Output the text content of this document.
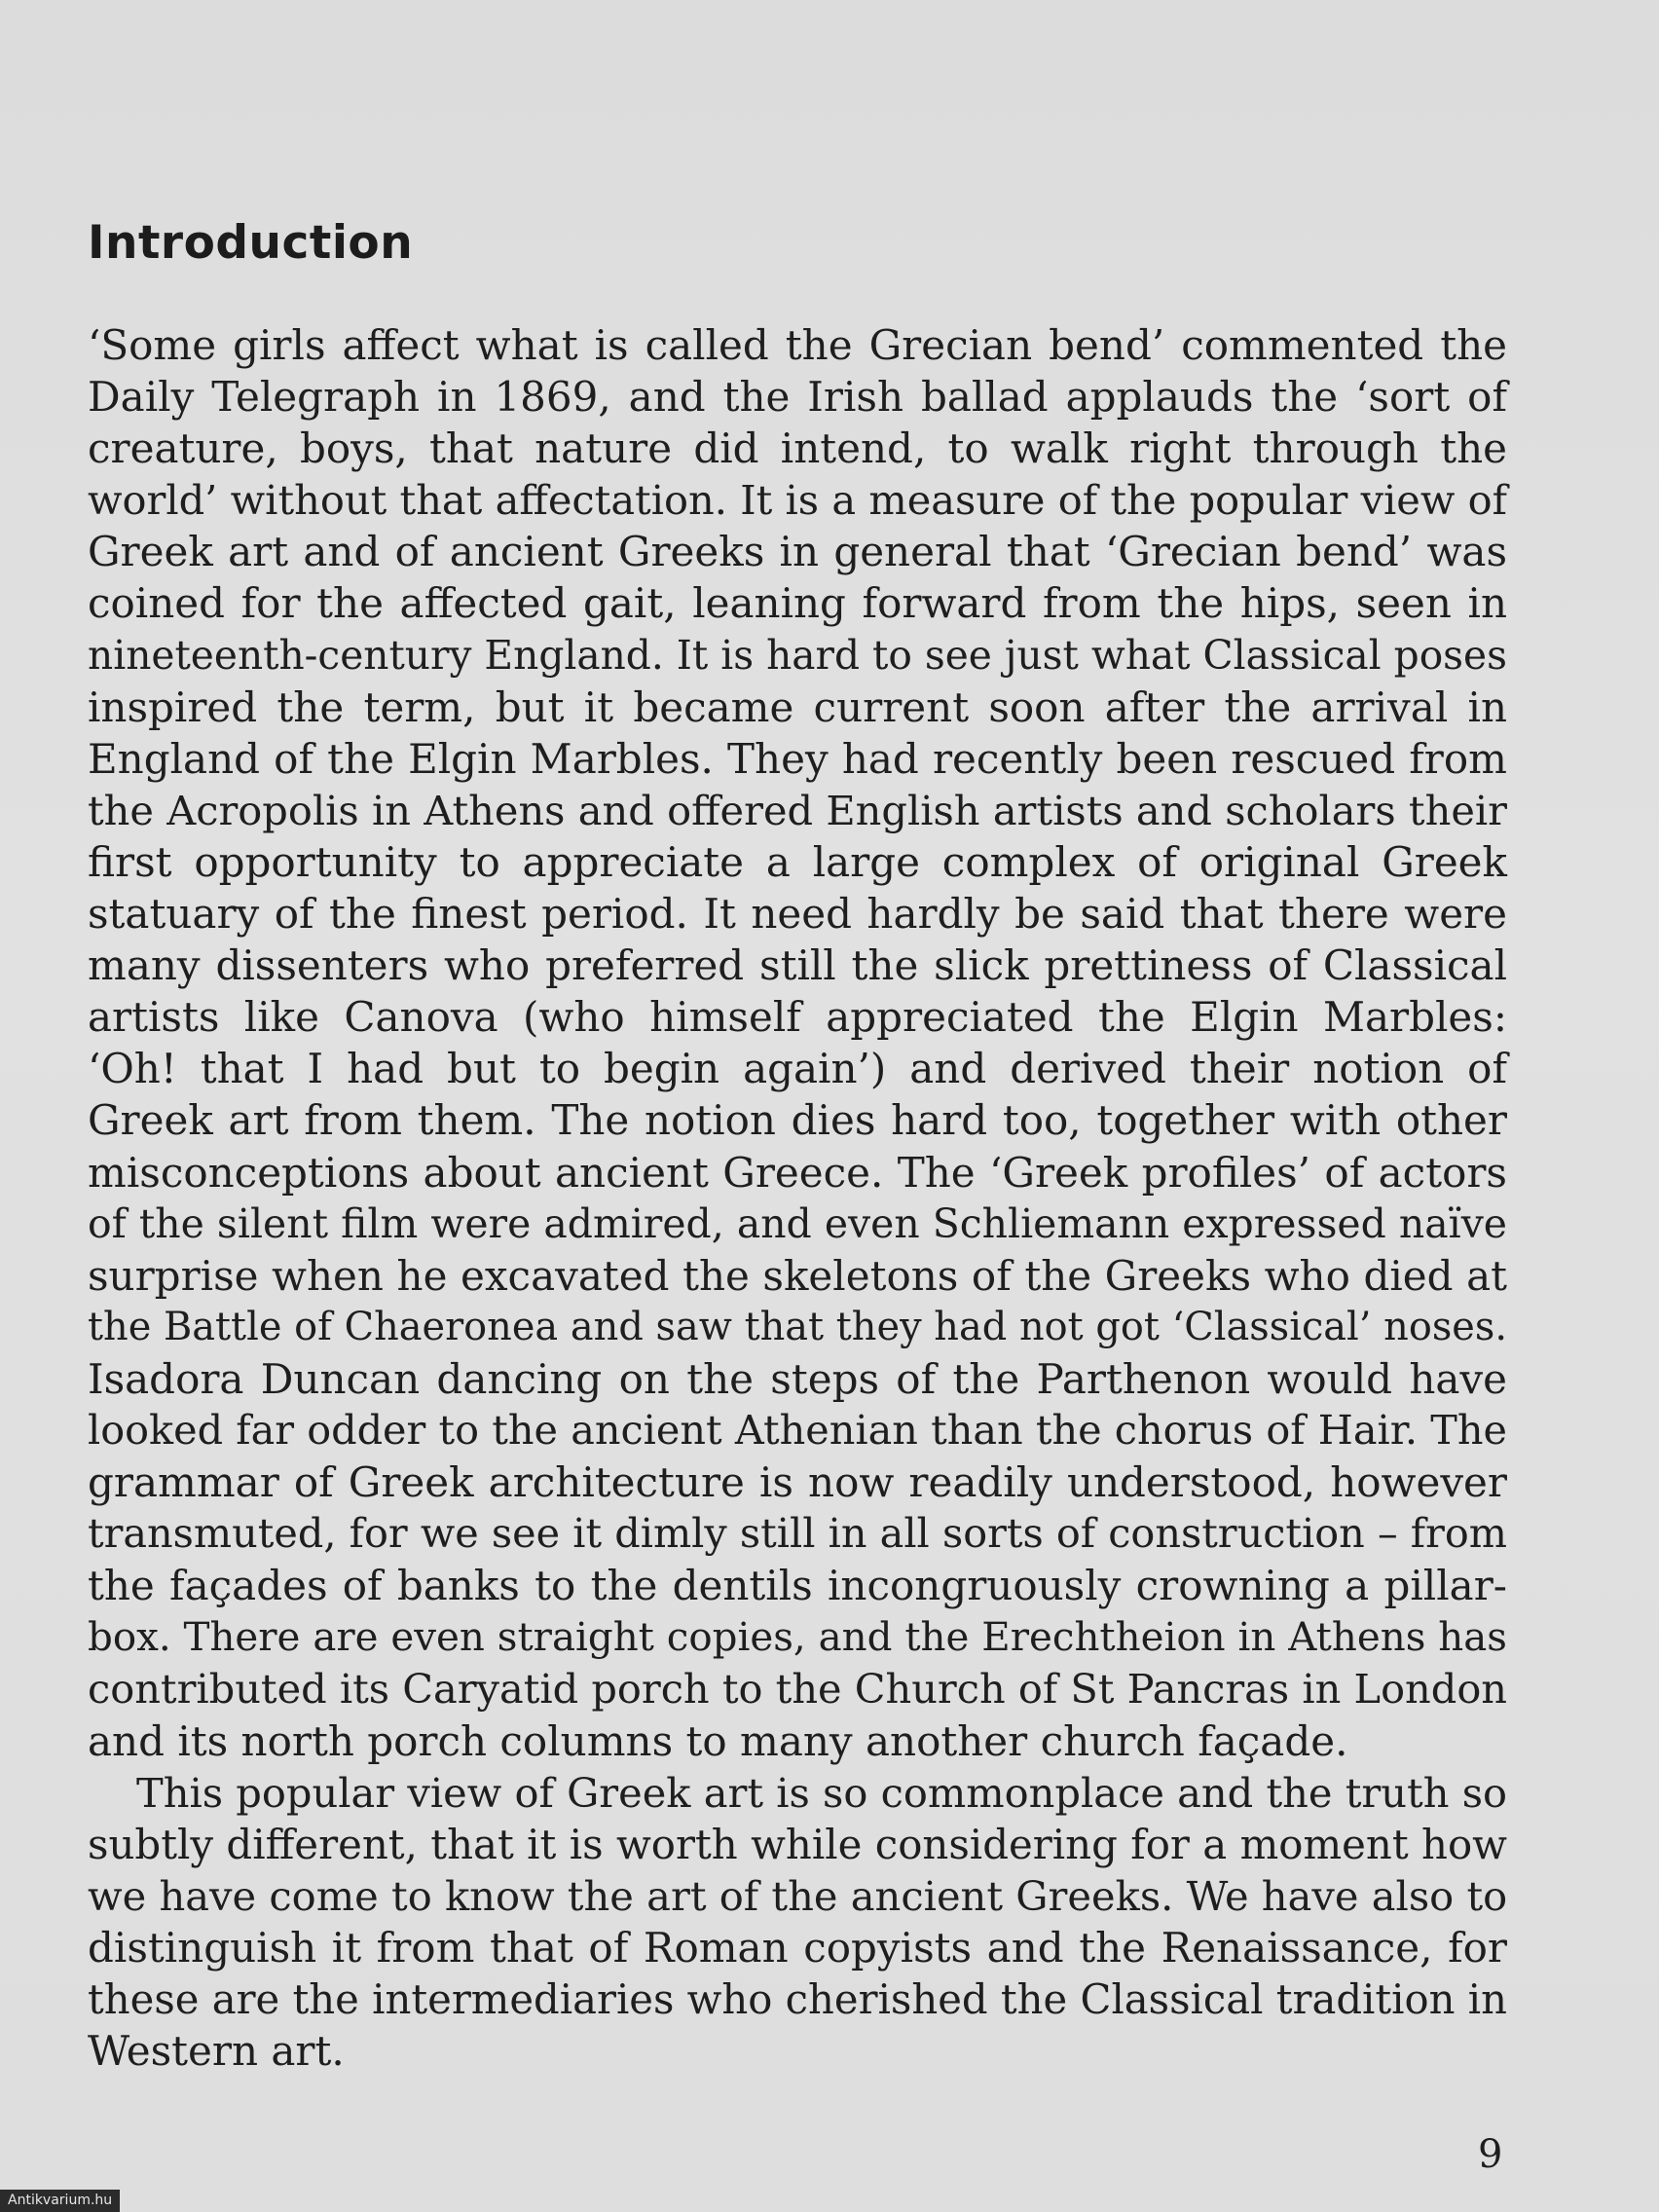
Introduction
‘Some girls affect what is called the Grecian bend’ commented the
Daily Telegraph in 1869, and the Irish ballad applauds the ‘sort of
creature, boys, that nature did intend, to walk right through the
world’ without that affectation. It is a measure of the popular view of
Greek art and of ancient Greeks in general that ‘Grecian bend’ was
coined for the affected gait, leaning forward from the hips, seen in
nineteenth-century England. It is hard to see just what Classical poses
inspired the term, but it became current soon after the arrival in
England of the Elgin Marbles. They had recently been rescued from
the Acropolis in Athens and offered English artists and scholars their
first opportunity to appreciate a large complex of original Greek
statuary of the finest period. It need hardly be said that there were
many dissenters who preferred still the slick prettiness of Classical
artists like Canova (who himself appreciated the Elgin Marbles:
‘Oh! that I had but to begin again’) and derived their notion of
Greek art from them. The notion dies hard too, together with other
misconceptions about ancient Greece. The ‘Greek profiles’ of actors
of the silent film were admired, and even Schliemann expressed naïve
surprise when he excavated the skeletons of the Greeks who died at
the Battle of Chaeronea and saw that they had not got ‘Classical’ noses.
Isadora Duncan dancing on the steps of the Parthenon would have
looked far odder to the ancient Athenian than the chorus of Hair. The
grammar of Greek architecture is now readily understood, however
transmuted, for we see it dimly still in all sorts of construction – from
the façades of banks to the dentils incongruously crowning a pillar-
box. There are even straight copies, and the Erechtheion in Athens has
contributed its Caryatid porch to the Church of St Pancras in London
and its north porch columns to many another church façade.
This popular view of Greek art is so commonplace and the truth so
subtly different, that it is worth while considering for a moment how
we have come to know the art of the ancient Greeks. We have also to
distinguish it from that of Roman copyists and the Renaissance, for
these are the intermediaries who cherished the Classical tradition in
Western art.
9
Antikvarium.hu
